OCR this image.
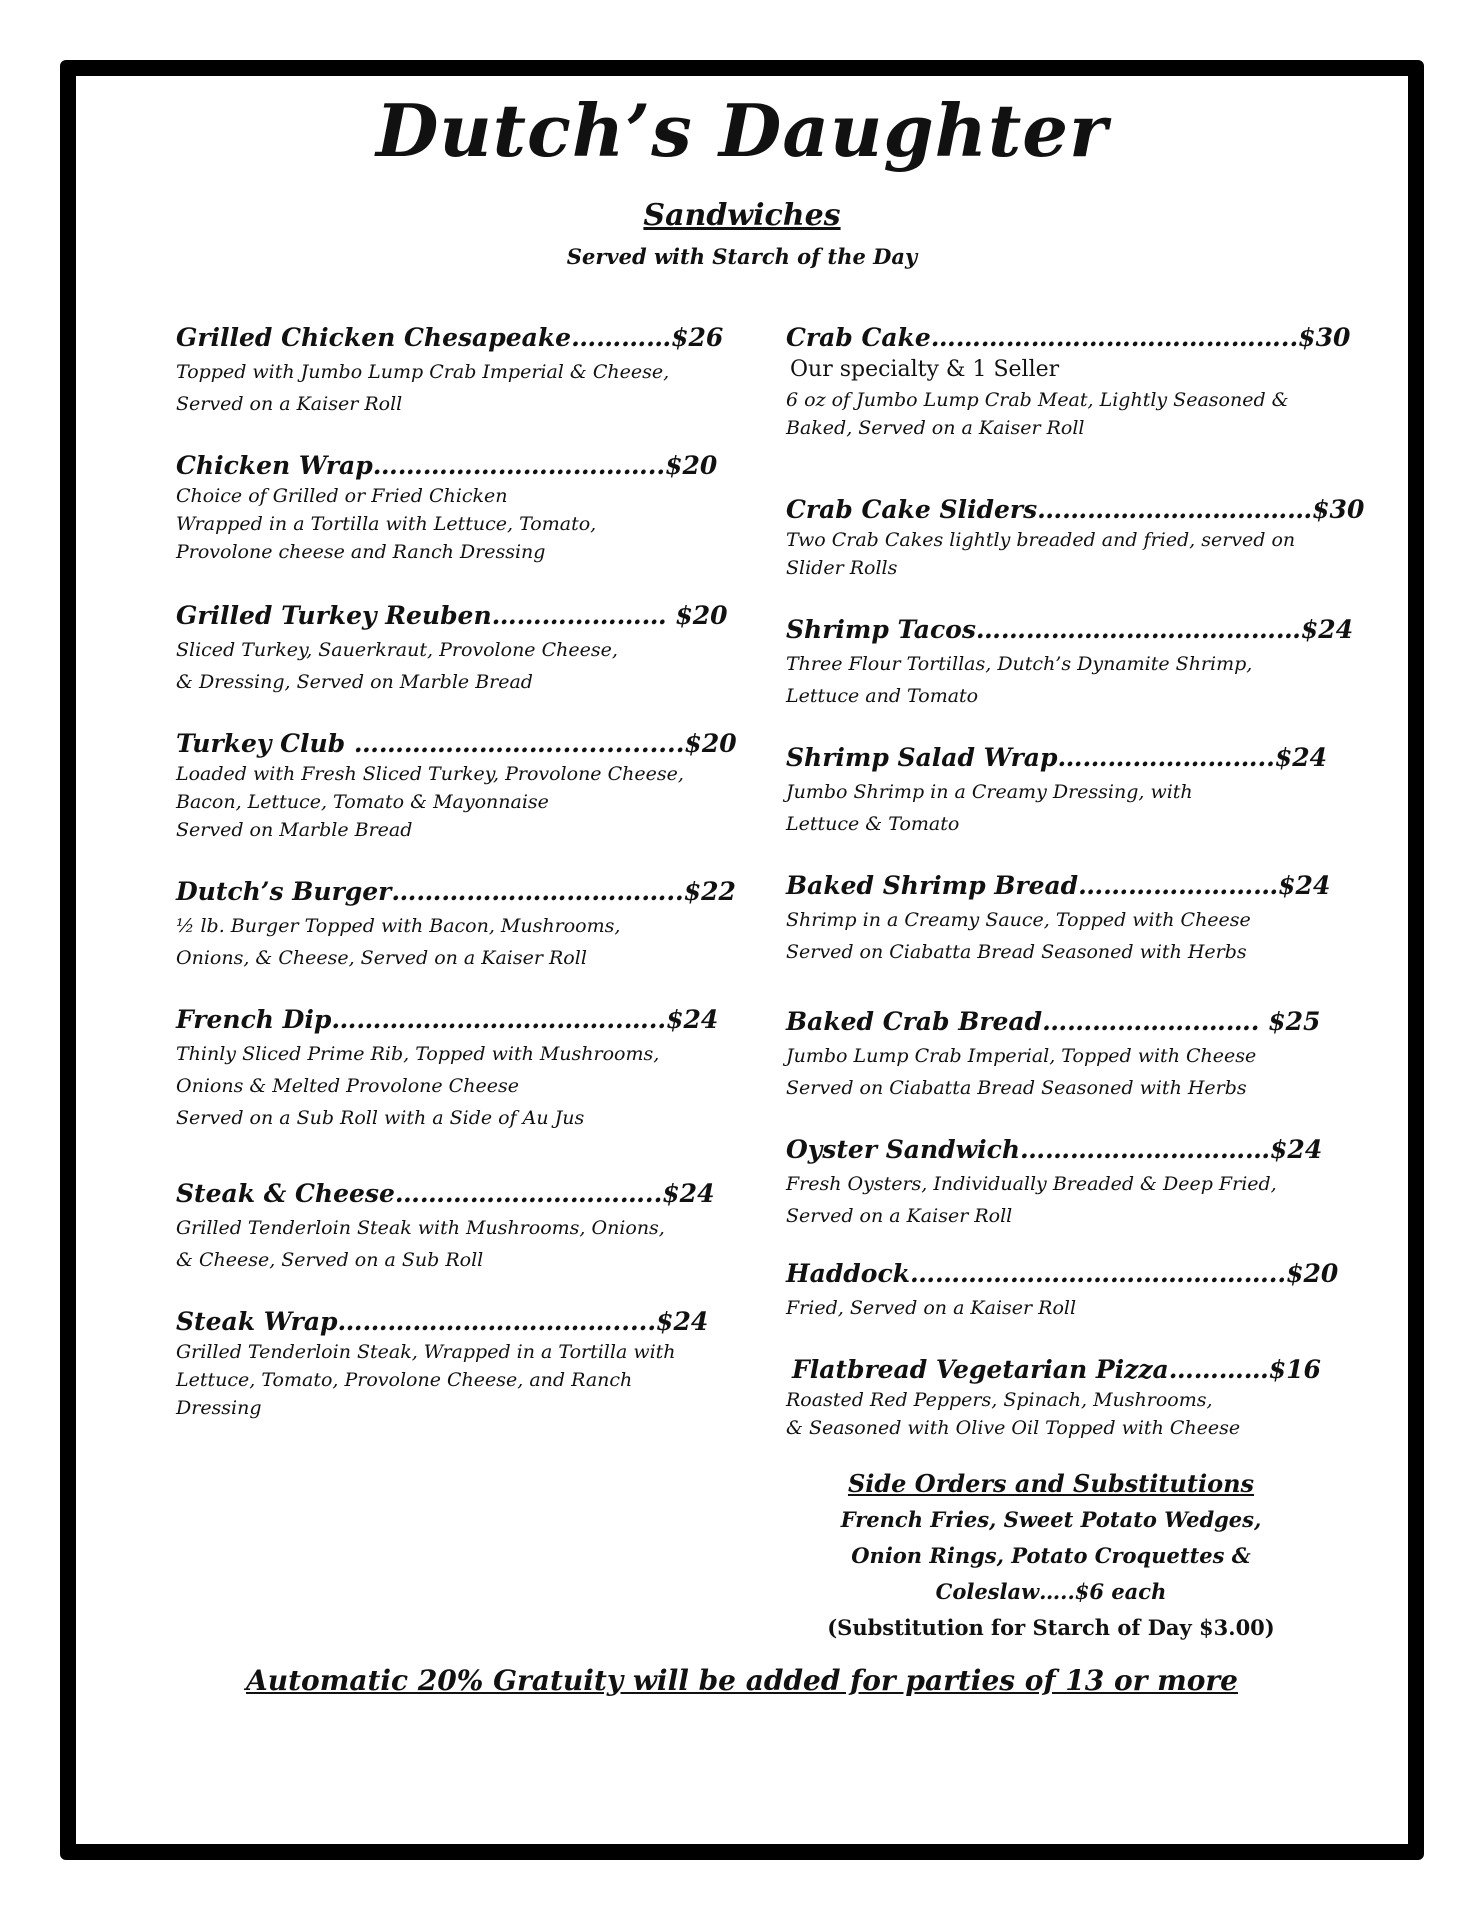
Dutch’s Daughter
Sandwiches
Served with Starch of the Day
Grilled Chicken Chesapeake…………$26
Topped with Jumbo Lump Crab Imperial & Cheese,
Served on a Kaiser Roll
Chicken Wrap……………………………..$20
Choice of Grilled or Fried Chicken
Wrapped in a Tortilla with Lettuce, Tomato,
Provolone cheese and Ranch Dressing
Grilled Turkey Reuben………………… $20
Sliced Turkey, Sauerkraut, Provolone Cheese,
& Dressing, Served on Marble Bread
Turkey Club ……………………...............$20
Loaded with Fresh Sliced Turkey, Provolone Cheese,
Bacon, Lettuce, Tomato & Mayonnaise
Served on Marble Bread
Dutch’s Burger……………………………..$22
½ lb. Burger Topped with Bacon, Mushrooms,
Onions, & Cheese, Served on a Kaiser Roll
French Dip……………………………..…..$24
Thinly Sliced Prime Rib, Topped with Mushrooms,
Onions & Melted Provolone Cheese
Served on a Sub Roll with a Side of Au Jus
Steak & Cheese…………………………..$24
Grilled Tenderloin Steak with Mushrooms, Onions,
& Cheese, Served on a Sub Roll
Steak Wrap…………………………….....$24
Grilled Tenderloin Steak, Wrapped in a Tortilla with
Lettuce, Tomato, Provolone Cheese, and Ranch
Dressing
Crab Cake……………………………………..$30
Our specialty & 1 Seller
6 oz of Jumbo Lump Crab Meat, Lightly Seasoned &
Baked, Served on a Kaiser Roll
Crab Cake Sliders……………………………$30
Two Crab Cakes lightly breaded and fried, served on
Slider Rolls
Shrimp Tacos…………………………………$24
Three Flour Tortillas, Dutch’s Dynamite Shrimp,
Lettuce and Tomato
Shrimp Salad Wrap……………………..$24
Jumbo Shrimp in a Creamy Dressing, with
Lettuce & Tomato
Baked Shrimp Bread……………………$24
Shrimp in a Creamy Sauce, Topped with Cheese
Served on Ciabatta Bread Seasoned with Herbs
Baked Crab Bread……………….……. $25
Jumbo Lump Crab Imperial, Topped with Cheese
Served on Ciabatta Bread Seasoned with Herbs
Oyster Sandwich…………………………$24
Fresh Oysters, Individually Breaded & Deep Fried,
Served on a Kaiser Roll
Haddock……………………………….……..$20
Fried, Served on a Kaiser Roll
Flatbread Vegetarian Pizza…………$16
Roasted Red Peppers, Spinach, Mushrooms,
& Seasoned with Olive Oil Topped with Cheese
Side Orders and Substitutions
French Fries, Sweet Potato Wedges,
Onion Rings, Potato Croquettes &
Coleslaw…..$6 each
(Substitution for Starch of Day $3.00)
Automatic 20% Gratuity will be added for parties of 13 or more
